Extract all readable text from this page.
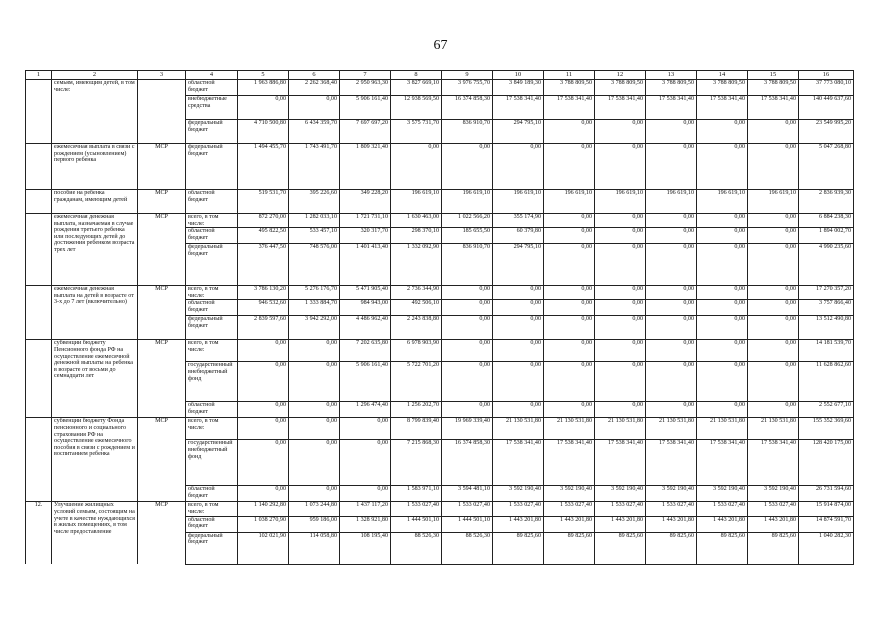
67
1	2	3	4	5	6	7	8	9	10	11	12	13	14	15	16
	семьям, имеющим детей, в том числе:		областной бюджет	1 963 886,80	2 262 368,40	2 950 963,30	3 827 669,10	3 976 755,70	3 849 189,30	3 788 809,50	3 788 809,50	3 788 809,50	3 788 809,50	3 788 809,50	37 773 080,10
			внебюджетные средства	0,00	0,00	5 906 161,40	12 938 569,50	16 374 858,30	17 538 341,40	17 538 341,40	17 538 341,40	17 538 341,40	17 538 341,40	17 538 341,40	140 449 637,60
			федеральный бюджет	4 710 500,80	6 434 359,70	7 697 697,20	3 575 731,70	836 910,70	294 795,10	0,00	0,00	0,00	0,00	0,00	23 549 995,20
	ежемесячная выплата в связи с рождением (усыновлением) первого ребенка	МСР	федеральный бюджет	1 494 455,70	1 743 491,70	1 809 321,40	0,00	0,00	0,00	0,00	0,00	0,00	0,00	0,00	5 047 268,80
	пособие на ребенка гражданам, имеющим детей	МСР	областной бюджет	519 531,70	395 226,60	349 228,20	196 619,10	196 619,10	196 619,10	196 619,10	196 619,10	196 619,10	196 619,10	196 619,10	2 836 939,30
	ежемесячная денежная выплата, назначаемая в случае рождения третьего ребенка или последующих детей до достижения ребенком возраста трех лет	МСР	всего, в том числе:	872 270,00	1 282 033,10	1 721 731,10	1 630 463,00	1 022 566,20	355 174,90	0,00	0,00	0,00	0,00	0,00	6 884 238,30
			областной бюджет	495 822,50	533 457,10	320 317,70	298 370,10	185 655,50	60 379,80	0,00	0,00	0,00	0,00	0,00	1 894 002,70
			федеральный бюджет	376 447,50	748 576,00	1 401 413,40	1 332 092,90	836 910,70	294 795,10	0,00	0,00	0,00	0,00	0,00	4 990 235,60
	ежемесячная денежная выплата на детей в возрасте от 3-х до 7 лет (включительно)	МСР	всего, в том числе:	3 786 130,20	5 276 176,70	5 471 905,40	2 736 344,90	0,00	0,00	0,00	0,00	0,00	0,00	0,00	17 270 357,20
			областной бюджет	946 532,60	1 333 884,70	984 943,00	492 506,10	0,00	0,00	0,00	0,00	0,00	0,00	0,00	3 757 866,40
			федеральный бюджет	2 839 597,60	3 942 292,00	4 486 962,40	2 243 838,80	0,00	0,00	0,00	0,00	0,00	0,00	0,00	13 512 490,80
	субвенции бюджету Пенсионного фонда РФ на осуществление ежемесячной денежной выплаты на ребенка в возрасте от восьми до семнадцати лет	МСР	всего, в том числе:	0,00	0,00	7 202 635,80	6 978 903,90	0,00	0,00	0,00	0,00	0,00	0,00	0,00	14 181 539,70
			государственный внебюджетный фонд	0,00	0,00	5 906 161,40	5 722 701,20	0,00	0,00	0,00	0,00	0,00	0,00	0,00	11 628 862,60
			областной бюджет	0,00	0,00	1 296 474,40	1 256 202,70	0,00	0,00	0,00	0,00	0,00	0,00	0,00	2 552 677,10
	субвенции бюджету Фонда пенсионного и социального страхования РФ на осуществление ежемесячного пособия в связи с рождением и воспитанием ребенка	МСР	всего, в том числе:	0,00	0,00	0,00	8 799 839,40	19 969 339,40	21 130 531,80	21 130 531,80	21 130 531,80	21 130 531,80	21 130 531,80	21 130 531,80	155 352 369,60
			государственный внебюджетный фонд	0,00	0,00	0,00	7 215 868,30	16 374 858,30	17 538 341,40	17 538 341,40	17 538 341,40	17 538 341,40	17 538 341,40	17 538 341,40	128 420 175,00
			областной бюджет	0,00	0,00	0,00	1 583 971,10	3 594 481,10	3 592 190,40	3 592 190,40	3 592 190,40	3 592 190,40	3 592 190,40	3 592 190,40	26 731 594,60
12.	Улучшение жилищных условий семьям, состоящим на учете в качестве нуждающихся в жилых помещениях, в том числе предоставление	МСР	всего, в том числе:	1 140 292,80	1 073 244,80	1 437 117,20	1 533 027,40	1 533 027,40	1 533 027,40	1 533 027,40	1 533 027,40	1 533 027,40	1 533 027,40	1 533 027,40	15 914 874,00
			областной бюджет	1 038 270,90	959 186,00	1 328 921,80	1 444 501,10	1 444 501,10	1 443 201,80	1 443 201,80	1 443 201,80	1 443 201,80	1 443 201,80	1 443 201,80	14 874 591,70
			федеральный бюджет	102 021,90	114 058,80	108 195,40	88 526,30	88 526,30	89 825,60	89 825,60	89 825,60	89 825,60	89 825,60	89 825,60	1 040 282,30
